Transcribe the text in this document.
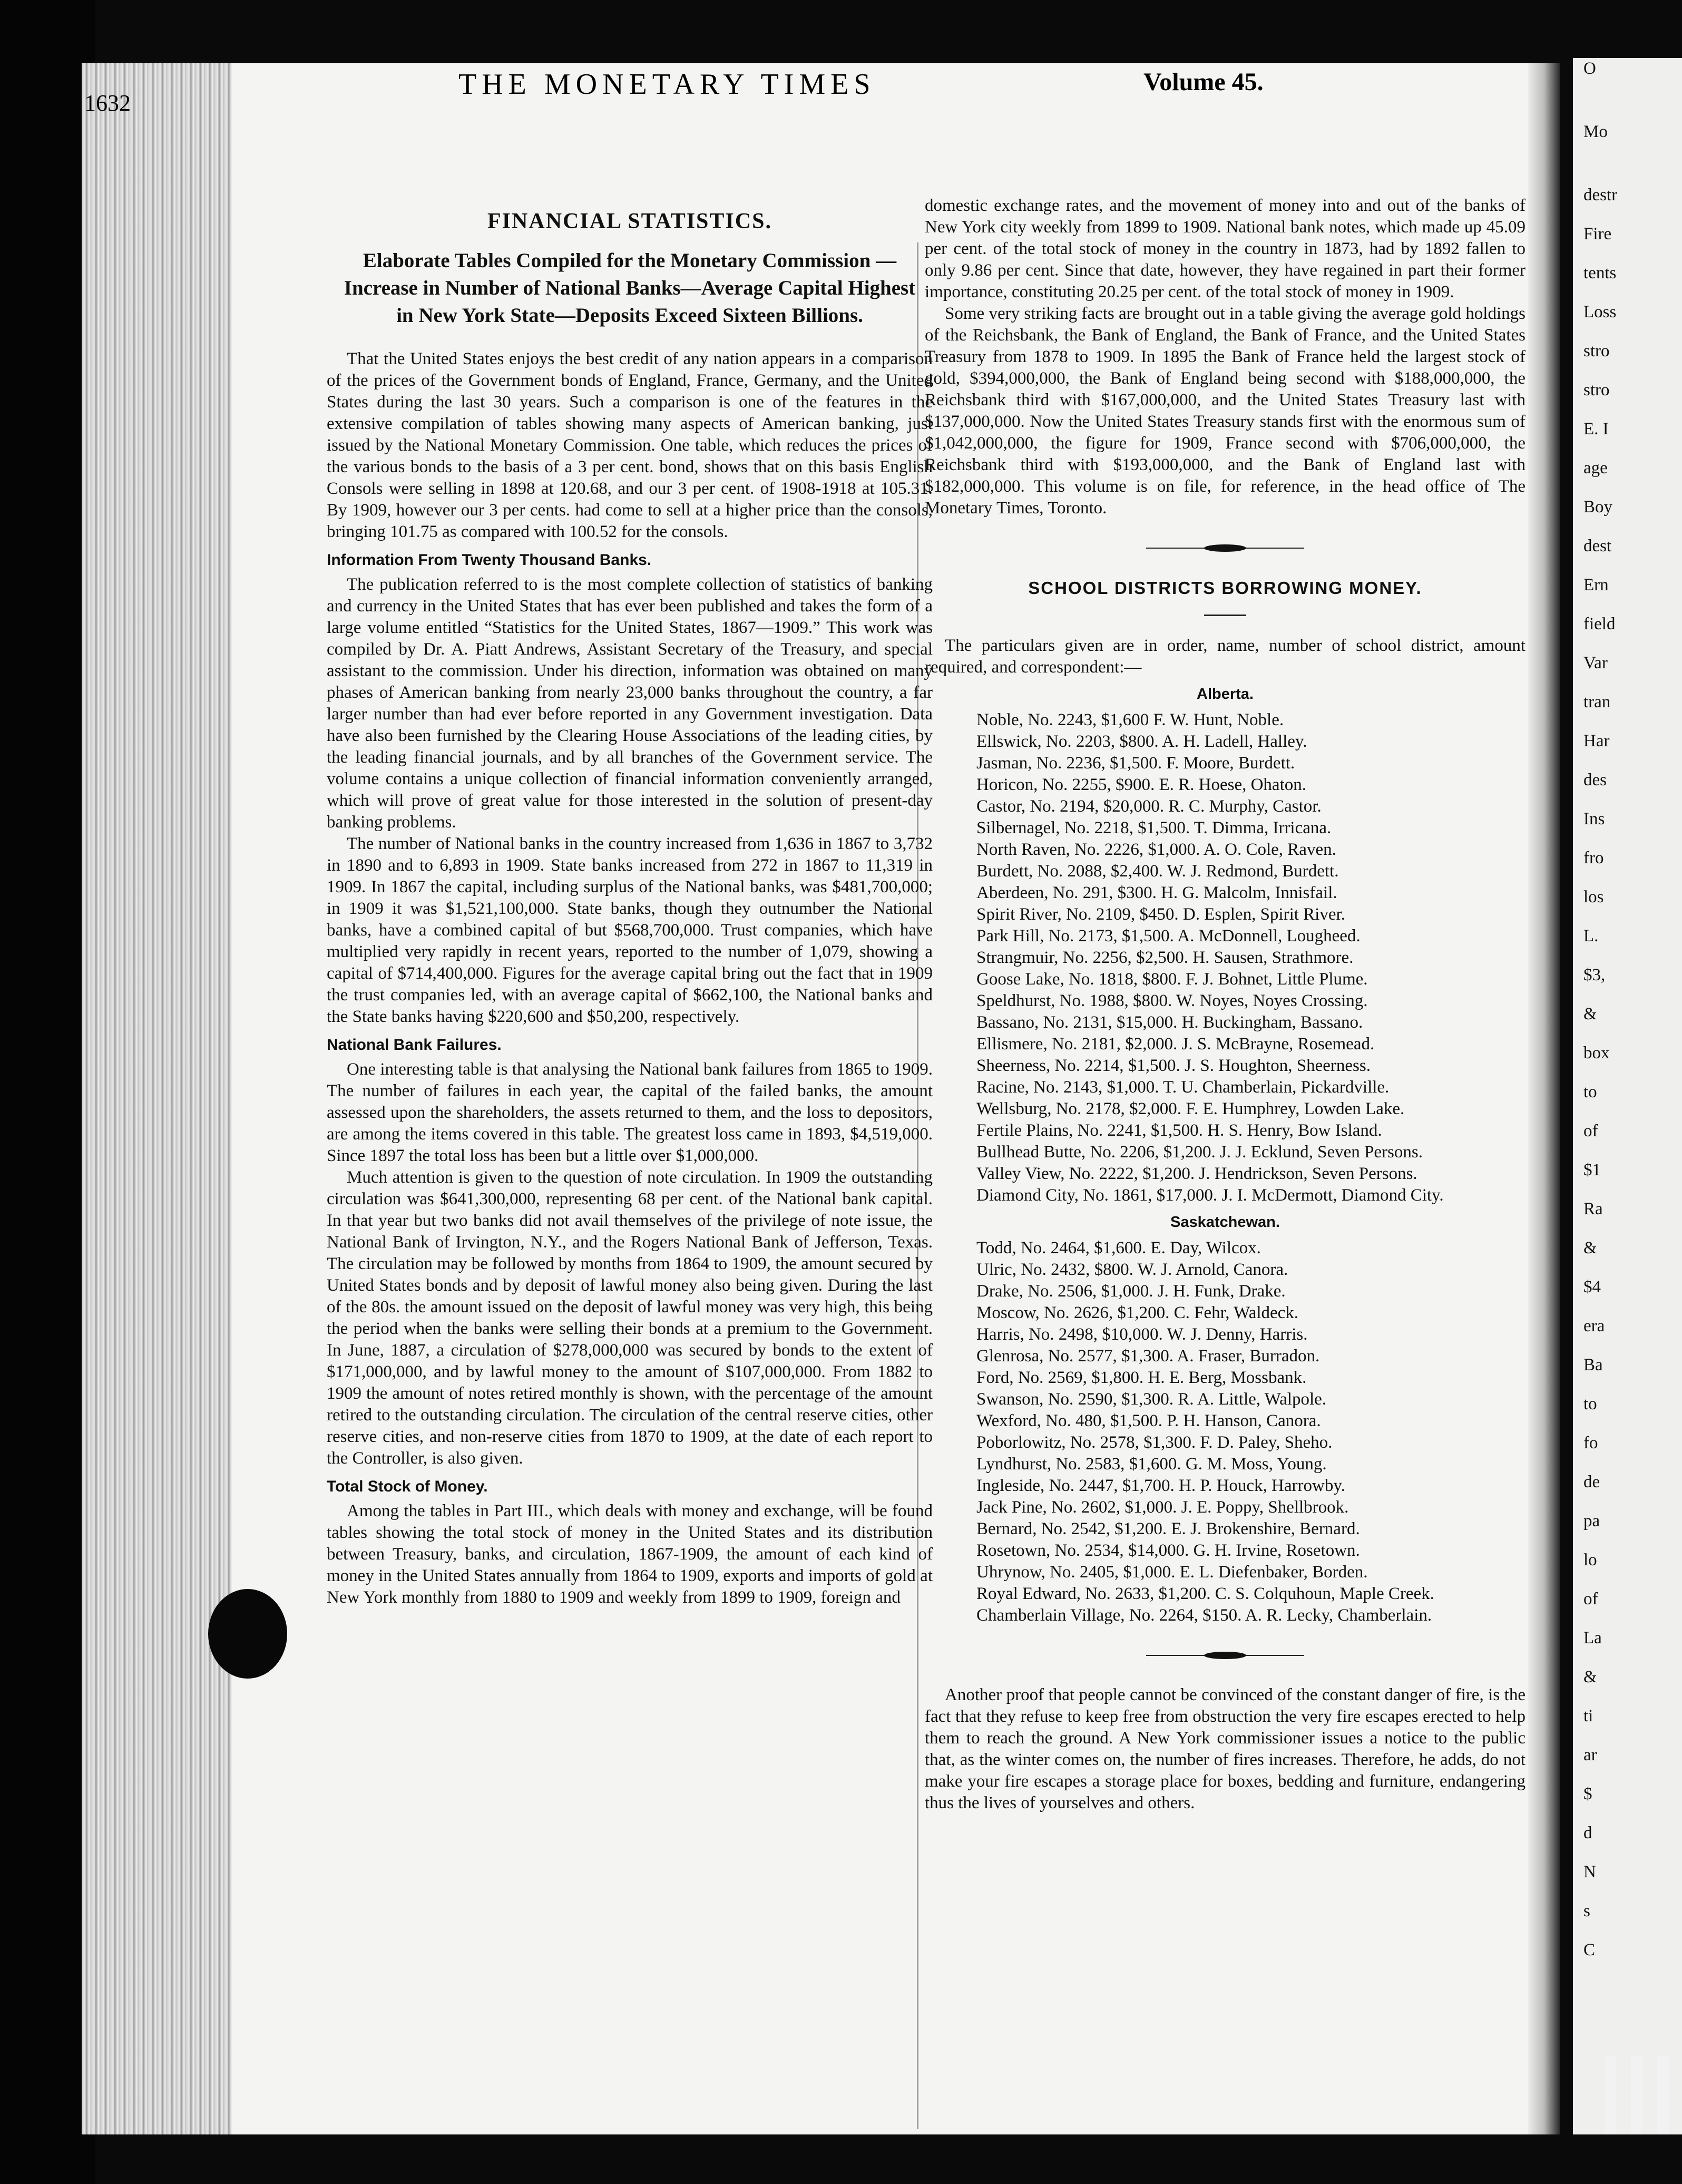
1632
THE MONETARY TIMES	Volume 45.
FINANCIAL STATISTICS.
Elaborate Tables Compiled for the Monetary Commission —Increase in Number of National Banks—Average Capital Highest in New York State—Deposits Exceed Sixteen Billions.

That the United States enjoys the best credit of any nation appears in a comparison of the prices of the Government bonds of England, France, Germany, and the United States during the last 30 years. Such a comparison is one of the features in the extensive compilation of tables showing many aspects of American banking, just issued by the National Monetary Commission. One table, which reduces the prices of the various bonds to the basis of a 3 per cent. bond, shows that on this basis English Consols were selling in 1898 at 120.68, and our 3 per cent. of 1908-1918 at 105.31. By 1909, however our 3 per cents. had come to sell at a higher price than the consols, bringing 101.75 as compared with 100.52 for the consols.

Information From Twenty Thousand Banks.

The publication referred to is the most complete collection of statistics of banking and currency in the United States that has ever been published and takes the form of a large volume entitled “Statistics for the United States, 1867—1909.” This work was compiled by Dr. A. Piatt Andrews, Assistant Secretary of the Treasury, and special assistant to the commission. Under his direction, information was obtained on many phases of American banking from nearly 23,000 banks throughout the country, a far larger number than had ever before reported in any Government investigation. Data have also been furnished by the Clearing House Associations of the leading cities, by the leading financial journals, and by all branches of the Government service. The volume contains a unique collection of financial information conveniently arranged, which will prove of great value for those interested in the solution of present-day banking problems.

The number of National banks in the country increased from 1,636 in 1867 to 3,732 in 1890 and to 6,893 in 1909. State banks increased from 272 in 1867 to 11,319 in 1909. In 1867 the capital, including surplus of the National banks, was $481,700,000; in 1909 it was $1,521,100,000. State banks, though they outnumber the National banks, have a combined capital of but $568,700,000. Trust companies, which have multiplied very rapidly in recent years, reported to the number of 1,079, showing a capital of $714,400,000. Figures for the average capital bring out the fact that in 1909 the trust companies led, with an average capital of $662,100, the National banks and the State banks having $220,600 and $50,200, respectively.

National Bank Failures.

One interesting table is that analysing the National bank failures from 1865 to 1909. The number of failures in each year, the capital of the failed banks, the amount assessed upon the shareholders, the assets returned to them, and the loss to depositors, are among the items covered in this table. The greatest loss came in 1893, $4,519,000. Since 1897 the total loss has been but a little over $1,000,000.

Much attention is given to the question of note circulation. In 1909 the outstanding circulation was $641,300,000, representing 68 per cent. of the National bank capital. In that year but two banks did not avail themselves of the privilege of note issue, the National Bank of Irvington, N.Y., and the Rogers National Bank of Jefferson, Texas. The circulation may be followed by months from 1864 to 1909, the amount secured by United States bonds and by deposit of lawful money also being given. During the last of the 80s. the amount issued on the deposit of lawful money was very high, this being the period when the banks were selling their bonds at a premium to the Government. In June, 1887, a circulation of $278,000,000 was secured by bonds to the extent of $171,000,000, and by lawful money to the amount of $107,000,000. From 1882 to 1909 the amount of notes retired monthly is shown, with the percentage of the amount retired to the outstanding circulation. The circulation of the central reserve cities, other reserve cities, and non-reserve cities from 1870 to 1909, at the date of each report to the Controller, is also given.

Total Stock of Money.

Among the tables in Part III., which deals with money and exchange, will be found tables showing the total stock of money in the United States and its distribution between Treasury, banks, and circulation, 1867-1909, the amount of each kind of money in the United States annually from 1864 to 1909, exports and imports of gold at New York monthly from 1880 to 1909 and weekly from 1899 to 1909, foreign and

domestic exchange rates, and the movement of money into and out of the banks of New York city weekly from 1899 to 1909. National bank notes, which made up 45.09 per cent. of the total stock of money in the country in 1873, had by 1892 fallen to only 9.86 per cent. Since that date, however, they have regained in part their former importance, constituting 20.25 per cent. of the total stock of money in 1909.

Some very striking facts are brought out in a table giving the average gold holdings of the Reichsbank, the Bank of England, the Bank of France, and the United States Treasury from 1878 to 1909. In 1895 the Bank of France held the largest stock of gold, $394,000,000, the Bank of England being second with $188,000,000, the Reichsbank third with $167,000,000, and the United States Treasury last with $137,000,000. Now the United States Treasury stands first with the enormous sum of $1,042,000,000, the figure for 1909, France second with $706,000,000, the Reichsbank third with $193,000,000, and the Bank of England last with $182,000,000. This volume is on file, for reference, in the head office of The Monetary Times, Toronto.

SCHOOL DISTRICTS BORROWING MONEY.

The particulars given are in order, name, number of school district, amount required, and correspondent:—

Alberta.

Noble, No. 2243, $1,600 F. W. Hunt, Noble.

Ellswick, No. 2203, $800. A. H. Ladell, Halley.

Jasman, No. 2236, $1,500. F. Moore, Burdett.

Horicon, No. 2255, $900. E. R. Hoese, Ohaton.

Castor, No. 2194, $20,000. R. C. Murphy, Castor.

Silbernagel, No. 2218, $1,500. T. Dimma, Irricana.

North Raven, No. 2226, $1,000. A. O. Cole, Raven.

Burdett, No. 2088, $2,400. W. J. Redmond, Burdett.

Aberdeen, No. 291, $300. H. G. Malcolm, Innisfail.

Spirit River, No. 2109, $450. D. Esplen, Spirit River.

Park Hill, No. 2173, $1,500. A. McDonnell, Lougheed.

Strangmuir, No. 2256, $2,500. H. Sausen, Strathmore.

Goose Lake, No. 1818, $800. F. J. Bohnet, Little Plume.

Speldhurst, No. 1988, $800. W. Noyes, Noyes Crossing.

Bassano, No. 2131, $15,000. H. Buckingham, Bassano.

Ellismere, No. 2181, $2,000. J. S. McBrayne, Rosemead.

Sheerness, No. 2214, $1,500. J. S. Houghton, Sheerness.

Racine, No. 2143, $1,000. T. U. Chamberlain, Pickardville.

Wellsburg, No. 2178, $2,000. F. E. Humphrey, Lowden Lake.

Fertile Plains, No. 2241, $1,500. H. S. Henry, Bow Island.

Bullhead Butte, No. 2206, $1,200. J. J. Ecklund, Seven Persons.

Valley View, No. 2222, $1,200. J. Hendrickson, Seven Persons.

Diamond City, No. 1861, $17,000. J. I. McDermott, Diamond City.

Saskatchewan.

Todd, No. 2464, $1,600. E. Day, Wilcox.

Ulric, No. 2432, $800. W. J. Arnold, Canora.

Drake, No. 2506, $1,000. J. H. Funk, Drake.

Moscow, No. 2626, $1,200. C. Fehr, Waldeck.

Harris, No. 2498, $10,000. W. J. Denny, Harris.

Glenrosa, No. 2577, $1,300. A. Fraser, Burradon.

Ford, No. 2569, $1,800. H. E. Berg, Mossbank.

Swanson, No. 2590, $1,300. R. A. Little, Walpole.

Wexford, No. 480, $1,500. P. H. Hanson, Canora.

Poborlowitz, No. 2578, $1,300. F. D. Paley, Sheho.

Lyndhurst, No. 2583, $1,600. G. M. Moss, Young.

Ingleside, No. 2447, $1,700. H. P. Houck, Harrowby.

Jack Pine, No. 2602, $1,000. J. E. Poppy, Shellbrook.

Bernard, No. 2542, $1,200. E. J. Brokenshire, Bernard.

Rosetown, No. 2534, $14,000. G. H. Irvine, Rosetown.

Uhrynow, No. 2405, $1,000. E. L. Diefenbaker, Borden.

Royal Edward, No. 2633, $1,200. C. S. Colquhoun, Maple Creek.

Chamberlain Village, No. 2264, $150. A. R. Lecky, Chamberlain.

Another proof that people cannot be convinced of the constant danger of fire, is the fact that they refuse to keep free from obstruction the very fire escapes erected to help them to reach the ground. A New York commissioner issues a notice to the public that, as the winter comes on, the number of fires increases. Therefore, he adds, do not make your fire escapes a storage place for boxes, bedding and furniture, endangering thus the lives of yourselves and others.

O
Mo
destr
Fire
tents
Loss
stro
stro
E. I
age
Boy
dest
Ern
field
Var
tran
Har
des
Ins
fro
los
L.
$3,
&
box
to
of
$1
Ra
&
$4
era
Ba
to
fo
de
pa
lo
of
La
&
ti
ar
$
d
N
s
C
